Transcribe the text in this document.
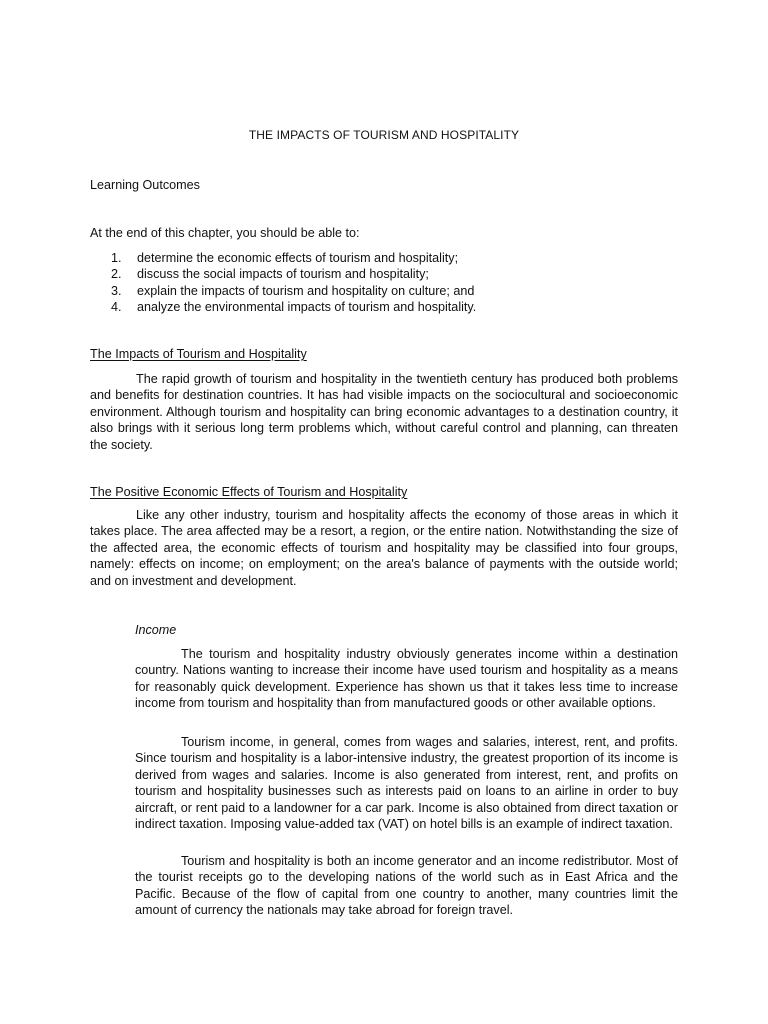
THE IMPACTS OF TOURISM AND HOSPITALITY
Learning Outcomes

At the end of this chapter, you should be able to:

1. determine the economic effects of tourism and hospitality;
2. discuss the social impacts of tourism and hospitality;
3. explain the impacts of tourism and hospitality on culture; and
4. analyze the environmental impacts of tourism and hospitality.
The Impacts of Tourism and Hospitality

The rapid growth of tourism and hospitality in the twentieth century has produced both problems and benefits for destination countries. It has had visible impacts on the sociocultural and socioeconomic environment. Although tourism and hospitality can bring economic advantages to a destination country, it also brings with it serious long term problems which, without careful control and planning, can threaten the society.

The Positive Economic Effects of Tourism and Hospitality

Like any other industry, tourism and hospitality affects the economy of those areas in which it takes place. The area affected may be a resort, a region, or the entire nation. Notwithstanding the size of the affected area, the economic effects of tourism and hospitality may be classified into four groups, namely: effects on income; on employment; on the area's balance of payments with the outside world; and on investment and development.

Income

The tourism and hospitality industry obviously generates income within a destination country. Nations wanting to increase their income have used tourism and hospitality as a means for reasonably quick development. Experience has shown us that it takes less time to increase income from tourism and hospitality than from manufactured goods or other available options.

Tourism income, in general, comes from wages and salaries, interest, rent, and profits. Since tourism and hospitality is a labor-intensive industry, the greatest proportion of its income is derived from wages and salaries. Income is also generated from interest, rent, and profits on tourism and hospitality businesses such as interests paid on loans to an airline in order to buy aircraft, or rent paid to a landowner for a car park. Income is also obtained from direct taxation or indirect taxation. Imposing value-added tax (VAT) on hotel bills is an example of indirect taxation.

Tourism and hospitality is both an income generator and an income redistributor. Most of the tourist receipts go to the developing nations of the world such as in East Africa and the Pacific. Because of the flow of capital from one country to another, many countries limit the amount of currency the nationals may take abroad for foreign travel.
